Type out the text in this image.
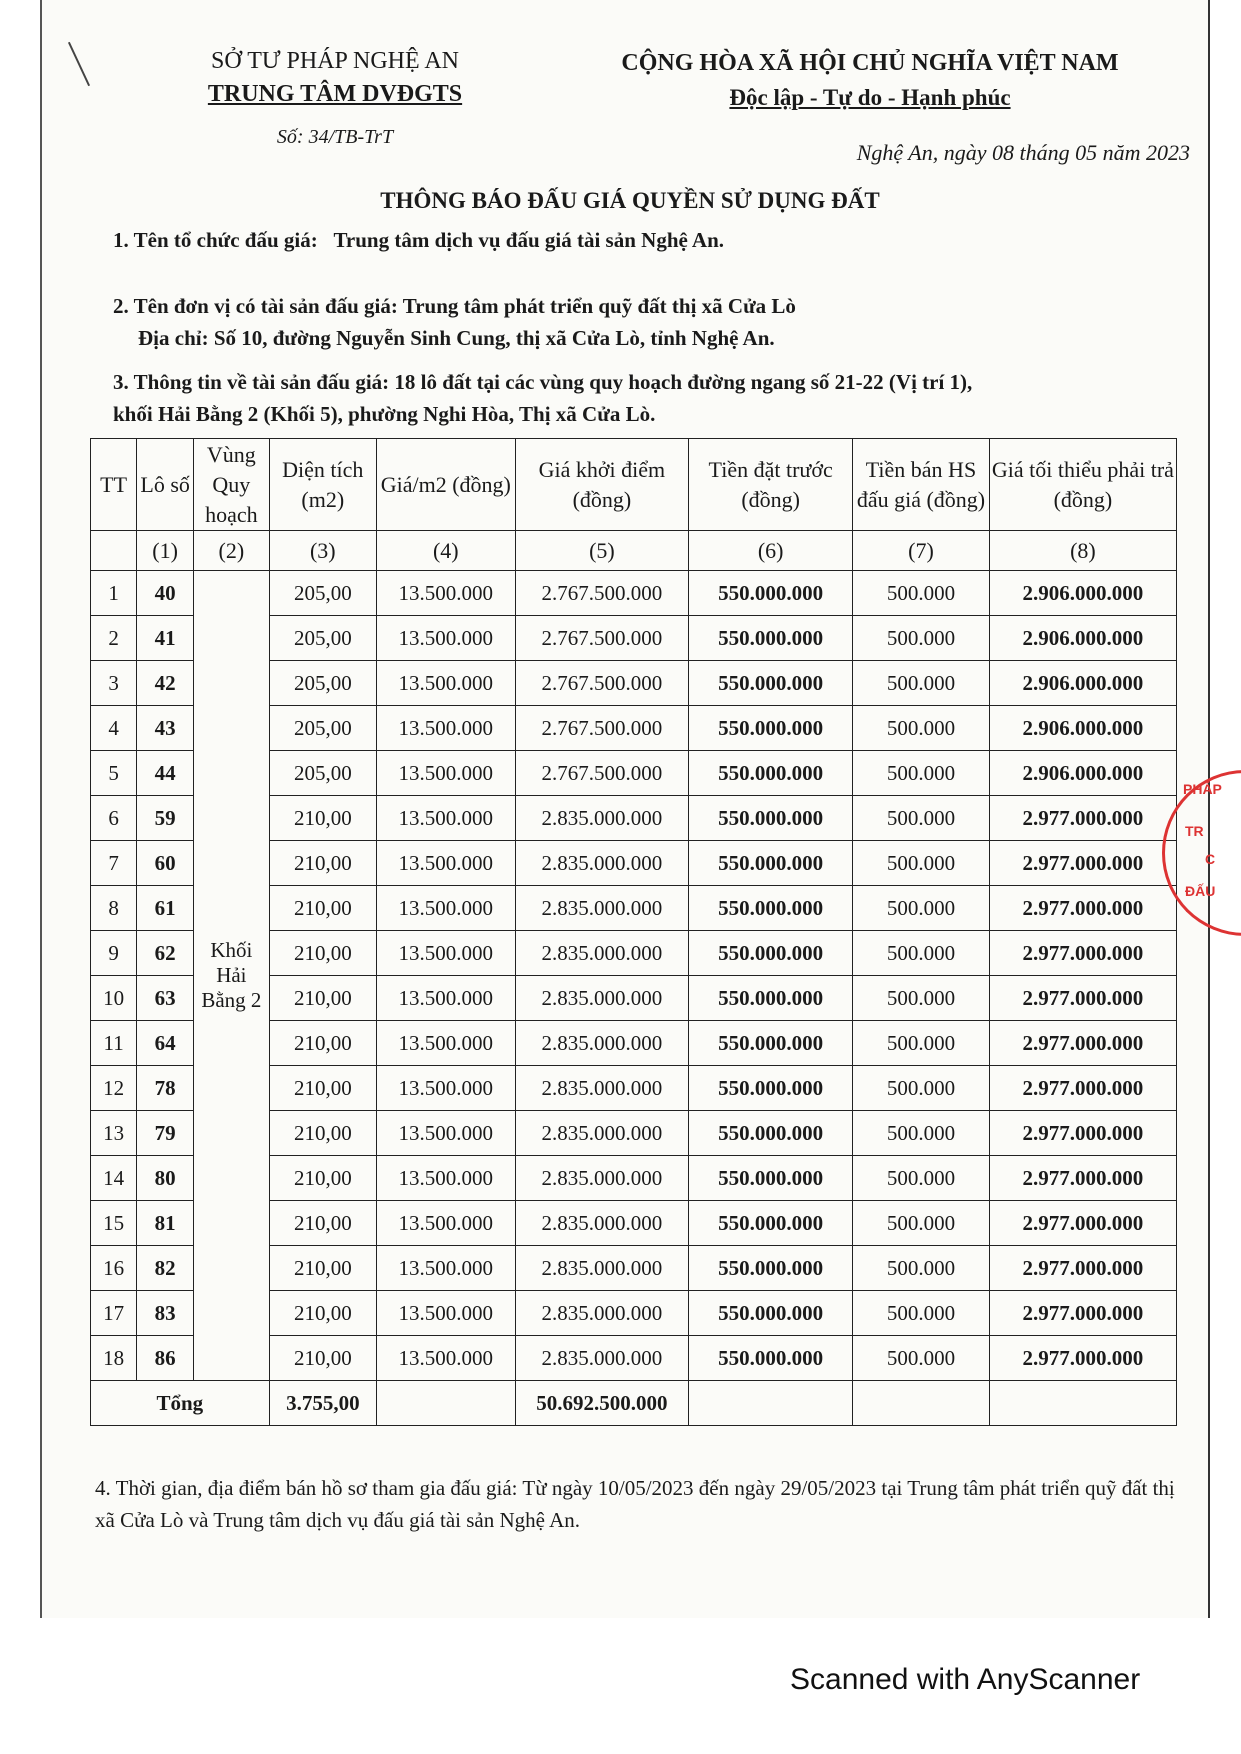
SỞ TƯ PHÁP NGHỆ AN
TRUNG TÂM DVĐGTS
Số: 34/TB-TrT
CỘNG HÒA XÃ HỘI CHỦ NGHĨA VIỆT NAM
Độc lập - Tự do - Hạnh phúc
Nghệ An, ngày 08 tháng 05 năm 2023
THÔNG BÁO ĐẤU GIÁ QUYỀN SỬ DỤNG ĐẤT
1. Tên tổ chức đấu giá: Trung tâm dịch vụ đấu giá tài sản Nghệ An.
2. Tên đơn vị có tài sản đấu giá: Trung tâm phát triển quỹ đất thị xã Cửa Lò
Địa chỉ: Số 10, đường Nguyễn Sinh Cung, thị xã Cửa Lò, tỉnh Nghệ An.
3. Thông tin về tài sản đấu giá: 18 lô đất tại các vùng quy hoạch đường ngang số 21-22 (Vị trí 1),
khối Hải Bằng 2 (Khối 5), phường Nghi Hòa, Thị xã Cửa Lò.
TT	Lô số	Vùng Quy hoạch	Diện tích (m2)	Giá/m2 (đồng)	Giá khởi điểm (đồng)	Tiền đặt trước (đồng)	Tiền bán HS đấu giá (đồng)	Giá tối thiểu phải trả (đồng)
	(1)	(2)	(3)	(4)	(5)	(6)	(7)	(8)
1	40	Khối Hải Bằng 2	205,00	13.500.000	2.767.500.000	550.000.000	500.000	2.906.000.000
2	41		205,00	13.500.000	2.767.500.000	550.000.000	500.000	2.906.000.000
3	42		205,00	13.500.000	2.767.500.000	550.000.000	500.000	2.906.000.000
4	43		205,00	13.500.000	2.767.500.000	550.000.000	500.000	2.906.000.000
5	44		205,00	13.500.000	2.767.500.000	550.000.000	500.000	2.906.000.000
6	59		210,00	13.500.000	2.835.000.000	550.000.000	500.000	2.977.000.000
7	60		210,00	13.500.000	2.835.000.000	550.000.000	500.000	2.977.000.000
8	61		210,00	13.500.000	2.835.000.000	550.000.000	500.000	2.977.000.000
9	62		210,00	13.500.000	2.835.000.000	550.000.000	500.000	2.977.000.000
10	63		210,00	13.500.000	2.835.000.000	550.000.000	500.000	2.977.000.000
11	64		210,00	13.500.000	2.835.000.000	550.000.000	500.000	2.977.000.000
12	78		210,00	13.500.000	2.835.000.000	550.000.000	500.000	2.977.000.000
13	79		210,00	13.500.000	2.835.000.000	550.000.000	500.000	2.977.000.000
14	80		210,00	13.500.000	2.835.000.000	550.000.000	500.000	2.977.000.000
15	81		210,00	13.500.000	2.835.000.000	550.000.000	500.000	2.977.000.000
16	82		210,00	13.500.000	2.835.000.000	550.000.000	500.000	2.977.000.000
17	83		210,00	13.500.000	2.835.000.000	550.000.000	500.000	2.977.000.000
18	86		210,00	13.500.000	2.835.000.000	550.000.000	500.000	2.977.000.000
Tổng			3.755,00		50.692.500.000			
4. Thời gian, địa điểm bán hồ sơ tham gia đấu giá: Từ ngày 10/05/2023 đến ngày 29/05/2023 tại Trung tâm phát triển quỹ đất thị xã Cửa Lò và Trung tâm dịch vụ đấu giá tài sản Nghệ An.
PHÁP
TR
C
ĐẤU
Scanned with AnyScanner
